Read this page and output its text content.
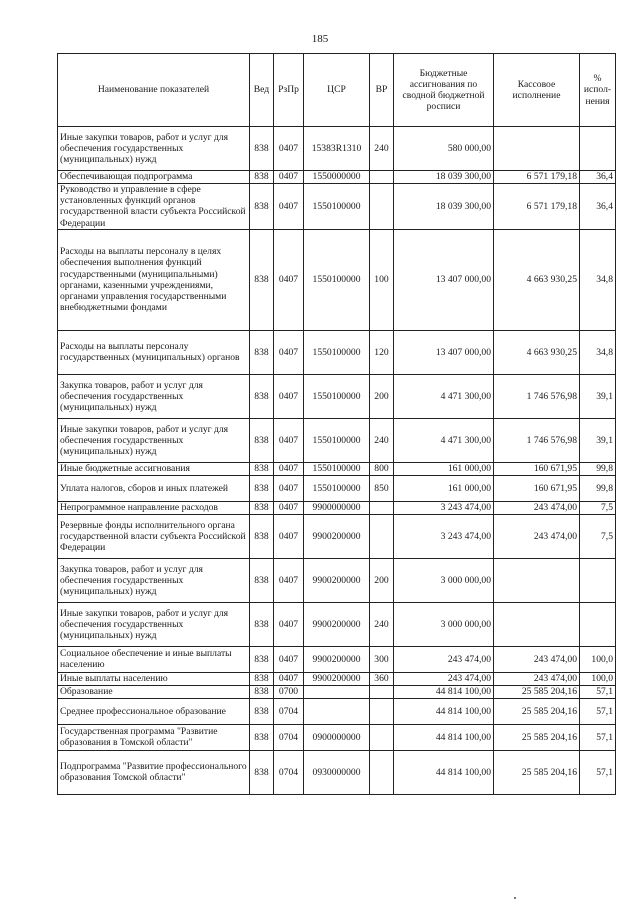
185
Наименование показателей	Вед	РзПр	ЦСР	ВР	Бюджетные ассигнования по сводной бюджетной росписи	Кассовое исполнение	% испол-нения
Иные закупки товаров, работ и услуг для обеспечения государственных (муниципальных) нужд	838	0407	15383R1310	240	580 000,00		
Обеспечивающая подпрограмма	838	0407	1550000000		18 039 300,00	6 571 179,18	36,4
Руководство и управление в сфере установленных функций органов государственной власти субъекта Российской Федерации	838	0407	1550100000		18 039 300,00	6 571 179,18	36,4
Расходы на выплаты персоналу в целях обеспечения выполнения функций государственными (муниципальными) органами, казенными учреждениями, органами управления государственными внебюджетными фондами	838	0407	1550100000	100	13 407 000,00	4 663 930,25	34,8
Расходы на выплаты персоналу государственных (муниципальных) органов	838	0407	1550100000	120	13 407 000,00	4 663 930,25	34,8
Закупка товаров, работ и услуг для обеспечения государственных (муниципальных) нужд	838	0407	1550100000	200	4 471 300,00	1 746 576,98	39,1
Иные закупки товаров, работ и услуг для обеспечения государственных (муниципальных) нужд	838	0407	1550100000	240	4 471 300,00	1 746 576,98	39,1
Иные бюджетные ассигнования	838	0407	1550100000	800	161 000,00	160 671,95	99,8
Уплата налогов, сборов и иных платежей	838	0407	1550100000	850	161 000,00	160 671,95	99,8
Непрограммное направление расходов	838	0407	9900000000		3 243 474,00	243 474,00	7,5
Резервные фонды исполнительного органа государственной власти субъекта Российской Федерации	838	0407	9900200000		3 243 474,00	243 474,00	7,5
Закупка товаров, работ и услуг для обеспечения государственных (муниципальных) нужд	838	0407	9900200000	200	3 000 000,00		
Иные закупки товаров, работ и услуг для обеспечения государственных (муниципальных) нужд	838	0407	9900200000	240	3 000 000,00		
Социальное обеспечение и иные выплаты населению	838	0407	9900200000	300	243 474,00	243 474,00	100,0
Иные выплаты населению	838	0407	9900200000	360	243 474,00	243 474,00	100,0
Образование	838	0700			44 814 100,00	25 585 204,16	57,1
Среднее профессиональное образование	838	0704			44 814 100,00	25 585 204,16	57,1
Государственная программа "Развитие образования в Томской области"	838	0704	0900000000		44 814 100,00	25 585 204,16	57,1
Подпрограмма "Развитие профессионального образования Томской области"	838	0704	0930000000		44 814 100,00	25 585 204,16	57,1
